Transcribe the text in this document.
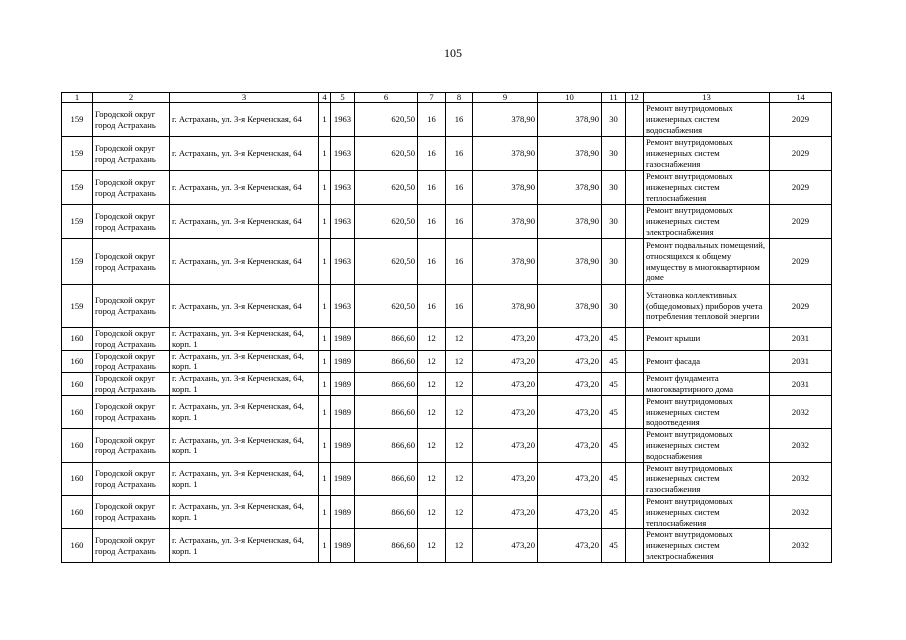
105
1	2	3	4	5	6	7	8	9	10	11	12	13	14
159	Городской округ город Астрахань	г. Астрахань, ул. 3-я Керченская, 64	1	1963	620,50	16	16	378,90	378,90	30		Ремонт внутридомовых инженерных систем водоснабжения	2029
159	Городской округ город Астрахань	г. Астрахань, ул. 3-я Керченская, 64	1	1963	620,50	16	16	378,90	378,90	30		Ремонт внутридомовых инженерных систем газоснабжения	2029
159	Городской округ город Астрахань	г. Астрахань, ул. 3-я Керченская, 64	1	1963	620,50	16	16	378,90	378,90	30		Ремонт внутридомовых инженерных систем теплоснабжения	2029
159	Городской округ город Астрахань	г. Астрахань, ул. 3-я Керченская, 64	1	1963	620,50	16	16	378,90	378,90	30		Ремонт внутридомовых инженерных систем электроснабжения	2029
159	Городской округ город Астрахань	г. Астрахань, ул. 3-я Керченская, 64	1	1963	620,50	16	16	378,90	378,90	30		Ремонт подвальных помещений, относящихся к общему имуществу в многоквартирном доме	2029
159	Городской округ город Астрахань	г. Астрахань, ул. 3-я Керченская, 64	1	1963	620,50	16	16	378,90	378,90	30		Установка коллективных (общедомовых) приборов учета потребления тепловой энергии	2029
160	Городской округ город Астрахань	г. Астрахань, ул. 3-я Керченская, 64, корп. 1	1	1989	866,60	12	12	473,20	473,20	45		Ремонт крыши	2031
160	Городской округ город Астрахань	г. Астрахань, ул. 3-я Керченская, 64, корп. 1	1	1989	866,60	12	12	473,20	473,20	45		Ремонт фасада	2031
160	Городской округ город Астрахань	г. Астрахань, ул. 3-я Керченская, 64, корп. 1	1	1989	866,60	12	12	473,20	473,20	45		Ремонт фундамента многоквартирного дома	2031
160	Городской округ город Астрахань	г. Астрахань, ул. 3-я Керченская, 64, корп. 1	1	1989	866,60	12	12	473,20	473,20	45		Ремонт внутридомовых инженерных систем водоотведения	2032
160	Городской округ город Астрахань	г. Астрахань, ул. 3-я Керченская, 64, корп. 1	1	1989	866,60	12	12	473,20	473,20	45		Ремонт внутридомовых инженерных систем водоснабжения	2032
160	Городской округ город Астрахань	г. Астрахань, ул. 3-я Керченская, 64, корп. 1	1	1989	866,60	12	12	473,20	473,20	45		Ремонт внутридомовых инженерных систем газоснабжения	2032
160	Городской округ город Астрахань	г. Астрахань, ул. 3-я Керченская, 64, корп. 1	1	1989	866,60	12	12	473,20	473,20	45		Ремонт внутридомовых инженерных систем теплоснабжения	2032
160	Городской округ город Астрахань	г. Астрахань, ул. 3-я Керченская, 64, корп. 1	1	1989	866,60	12	12	473,20	473,20	45		Ремонт внутридомовых инженерных систем электроснабжения	2032
